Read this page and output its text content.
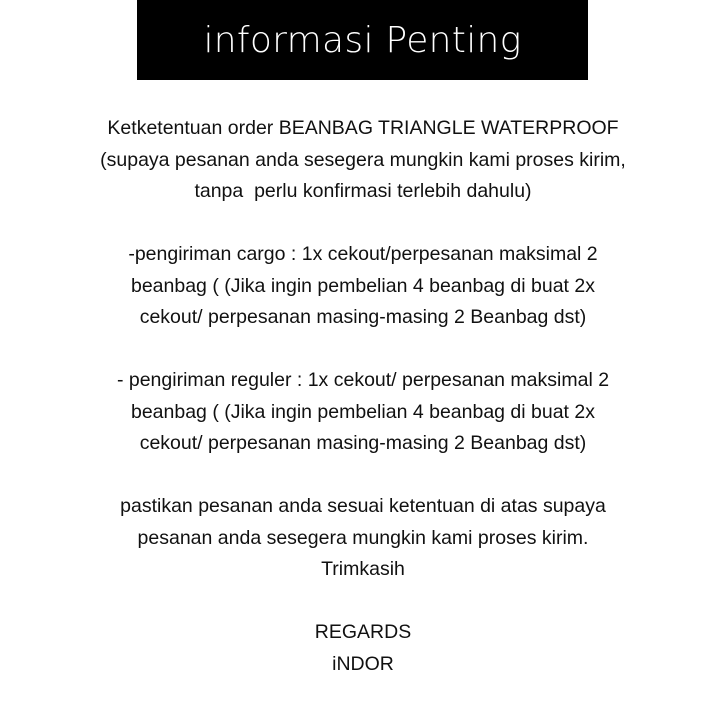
informasi Penting

Ketketentuan order BEANBAG TRIANGLE WATERPROOF
(supaya pesanan anda sesegera mungkin kami proses kirim,
tanpa  perlu konfirmasi terlebih dahulu)

-pengiriman cargo : 1x cekout/perpesanan maksimal 2
beanbag ( (Jika ingin pembelian 4 beanbag di buat 2x
cekout/ perpesanan masing-masing 2 Beanbag dst)

- pengiriman reguler : 1x cekout/ perpesanan maksimal 2
beanbag ( (Jika ingin pembelian 4 beanbag di buat 2x
cekout/ perpesanan masing-masing 2 Beanbag dst)

pastikan pesanan anda sesuai ketentuan di atas supaya
pesanan anda sesegera mungkin kami proses kirim.
Trimkasih

REGARDS
iNDOR
